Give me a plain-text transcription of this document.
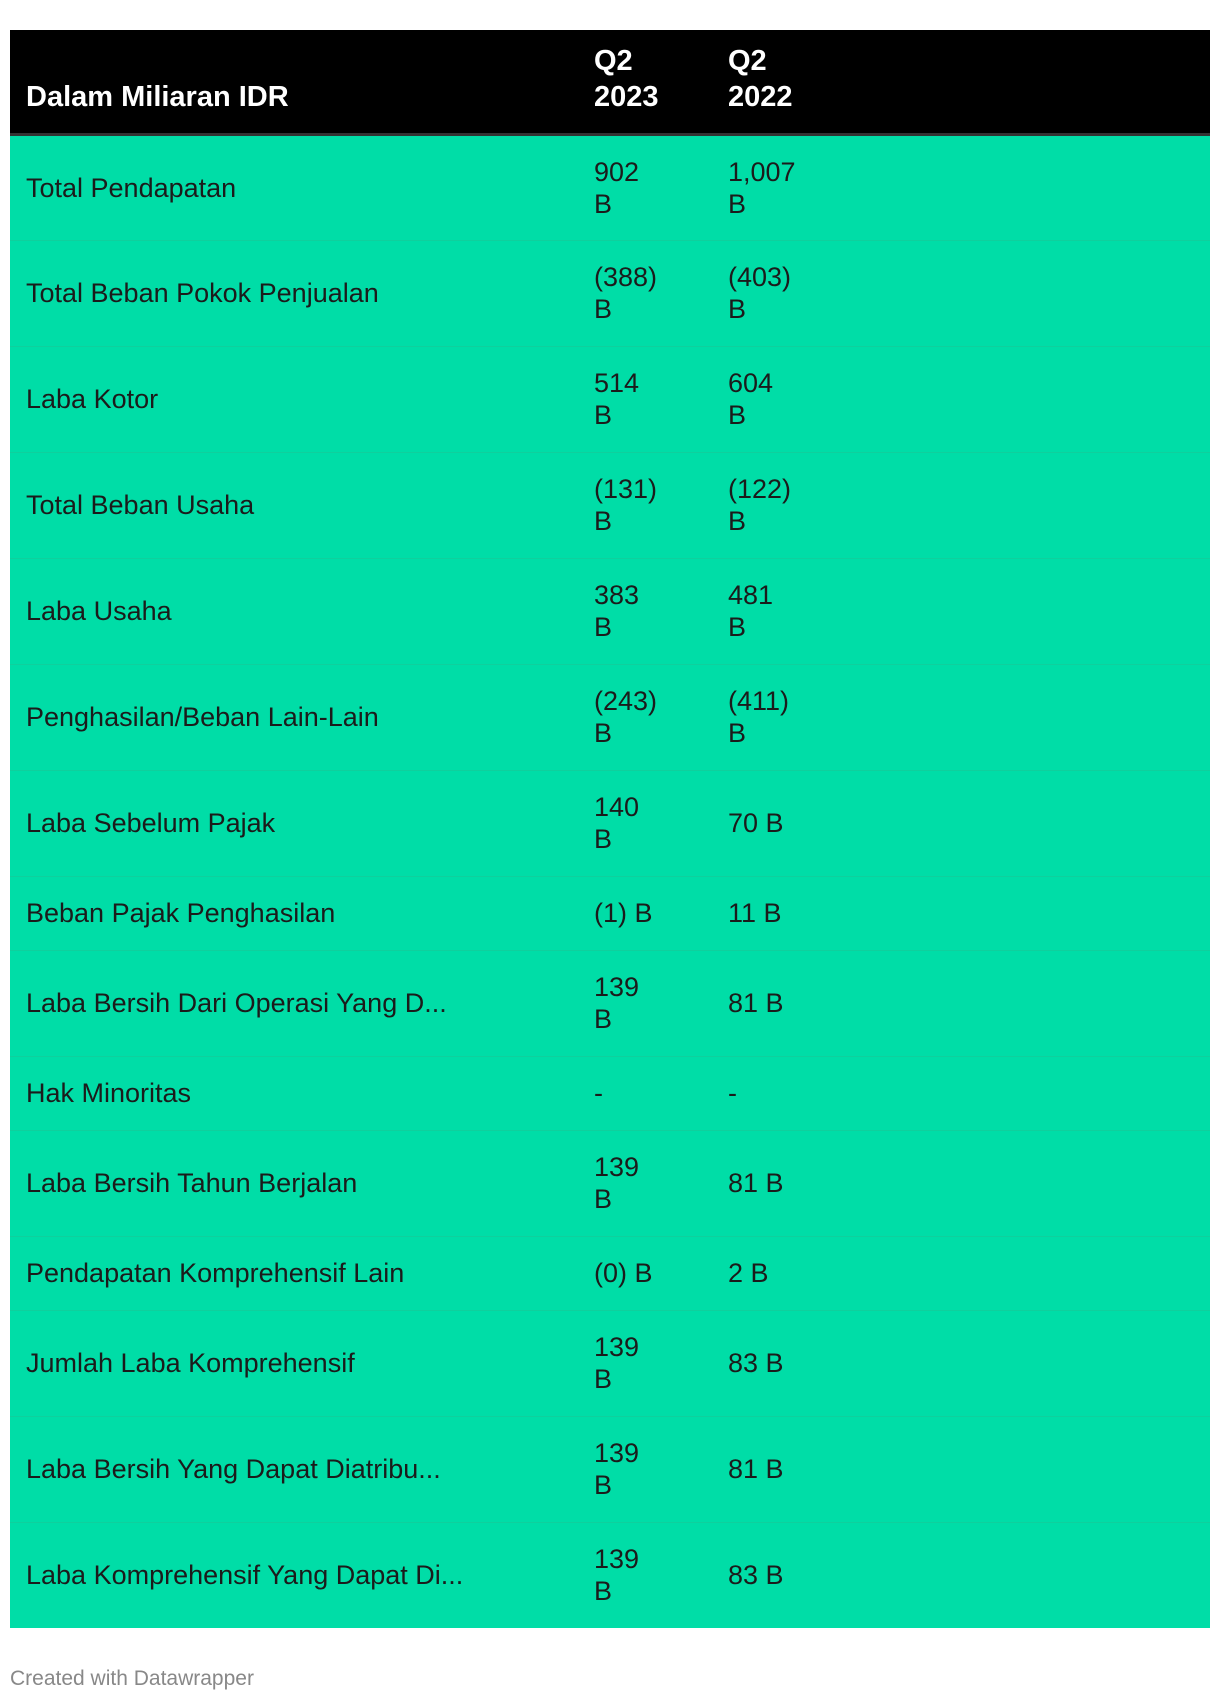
Dalam Miliaran IDR	Q2 2023	Q2 2022

Total Pendapatan	902 B	1,007 B

Total Beban Pokok Penjualan	(388) B	(403) B

Laba Kotor	514 B	604 B

Total Beban Usaha	(131) B	(122) B

Laba Usaha	383 B	481 B

Penghasilan/Beban Lain-Lain	(243) B	(411) B

Laba Sebelum Pajak	140 B	70 B

Beban Pajak Penghasilan	(1) B	11 B

Laba Bersih Dari Operasi Yang D...	139 B	81 B

Hak Minoritas	-	-

Laba Bersih Tahun Berjalan	139 B	81 B

Pendapatan Komprehensif Lain	(0) B	2 B

Jumlah Laba Komprehensif	139 B	83 B

Laba Bersih Yang Dapat Diatribu...	139 B	81 B

Laba Komprehensif Yang Dapat Di...	139 B	83 B
Created with Datawrapper
